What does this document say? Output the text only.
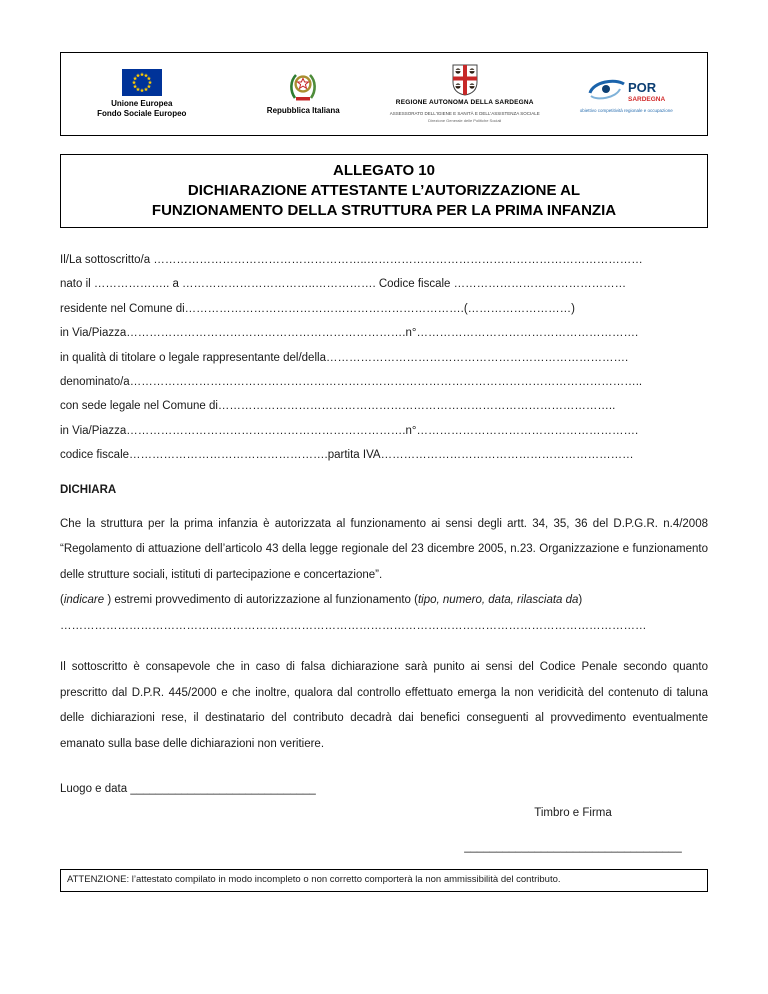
Unione Europea
Fondo Sociale Europeo	Repubblica Italiana
REGIONE AUTONOMA DELLA SARDEGNA
ASSESSORATO DELL'IGIENE E SANITÀ E DELL'ASSISTENZA SOCIALE
Direzione Generale delle Politiche Sociali
POR
SARDEGNA
obiettivo competitività regionale e occupazione
ALLEGATO 10
DICHIARAZIONE ATTESTANTE L’AUTORIZZAZIONE AL
FUNZIONAMENTO DELLA STRUTTURA PER LA PRIMA INFANZIA
Il/La sottoscritto/a ………………………………………………..………………………………………………………………
nato il ……………….. a ……………………………..……………. Codice fiscale ………………………………………
residente nel Comune di……………………………………………………………….(………………………)
in Via/Piazza……………………………………………………………….n°………………………………………………….
in qualità di titolare o legale rappresentante del/della…………………………………………………………………….
denominato/a……………………………………………………………………………………………………………………..
con sede legale nel Comune di…………………………………………………………………………………………..
in Via/Piazza……………………………………………………………….n°………………………………………………….
codice fiscale…………………………………………….partita IVA…………………………………………………………
DICHIARA

Che la struttura per la prima infanzia è autorizzata al funzionamento ai sensi degli artt. 34, 35, 36 del D.P.G.R. n.4/2008 “Regolamento di attuazione dell’articolo 43 della legge regionale del 23 dicembre 2005, n.23. Organizzazione e funzionamento delle strutture sociali, istituti di partecipazione e concertazione”.

(indicare ) estremi provvedimento di autorizzazione al funzionamento (tipo, numero, data, rilasciata da)

………………………………………………………………………………………………………………………………………

Il sottoscritto è consapevole che in caso di falsa dichiarazione sarà punito ai sensi del Codice Penale secondo quanto prescritto dal D.P.R. 445/2000 e che inoltre, qualora dal controllo effettuato emerga la non veridicità del contenuto di taluna delle dichiarazioni rese, il destinatario del contributo decadrà dai benefici conseguenti al provvedimento eventualmente emanato sulla base delle dichiarazioni non veritiere.

Luogo e data _____________________________
Timbro e Firma
__________________________________
ATTENZIONE: l’attestato compilato in modo incompleto o non corretto comporterà la non ammissibilità del contributo.
